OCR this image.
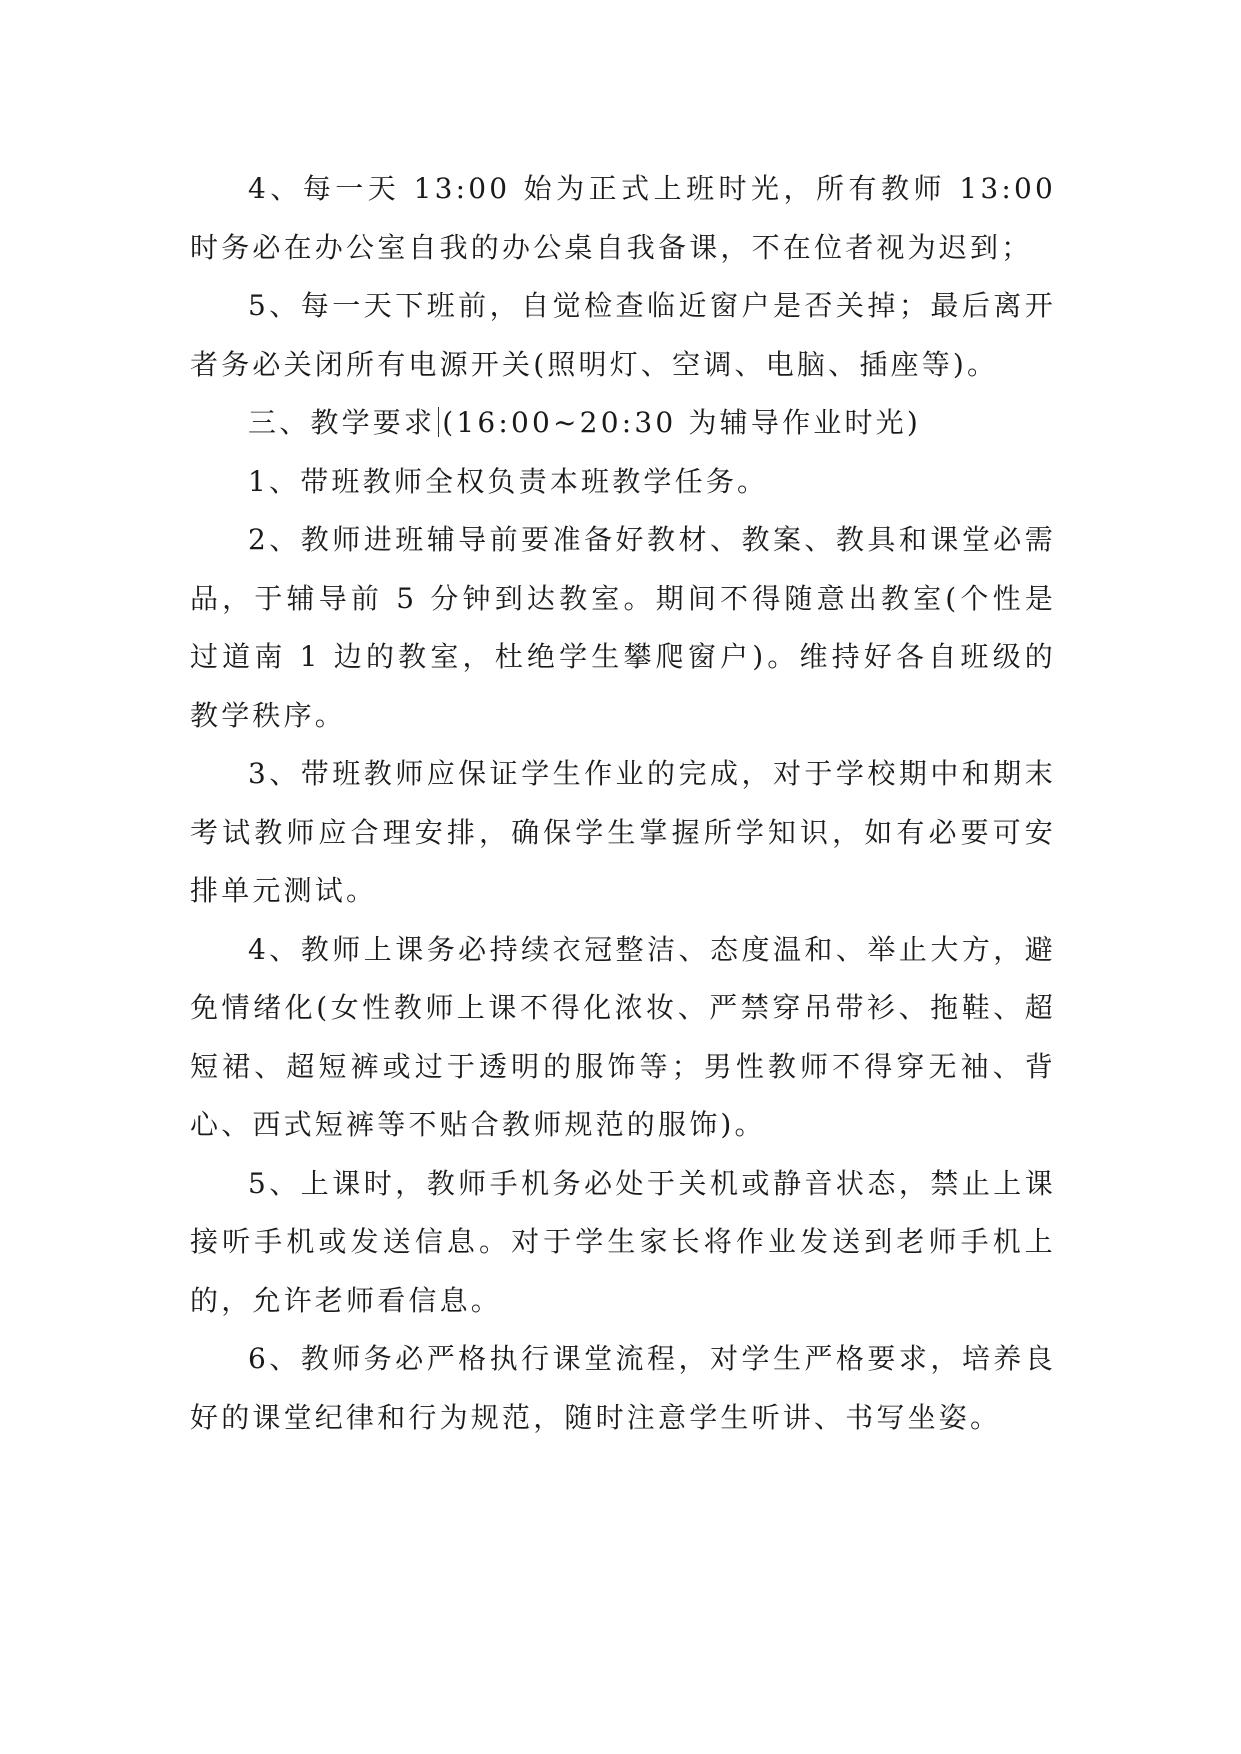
4、每一天 13:00 始为正式上班时光，所有教师 13:00 时务必在办公室自我的办公桌自我备课，不在位者视为迟到；

5、每一天下班前，自觉检查临近窗户是否关掉；最后离开者务必关闭所有电源开关(照明灯、空调、电脑、插座等)。

三、教学要求 (16:00~20:30 为辅导作业时光)

1、带班教师全权负责本班教学任务。

2、教师进班辅导前要准备好教材、教案、教具和课堂必需品，于辅导前 5 分钟到达教室。期间不得随意出教室(个性是过道南 1 边的教室，杜绝学生攀爬窗户)。维持好各自班级的教学秩序。

3、带班教师应保证学生作业的完成，对于学校期中和期末考试教师应合理安排，确保学生掌握所学知识，如有必要可安排单元测试。

4、教师上课务必持续衣冠整洁、态度温和、举止大方，避免情绪化(女性教师上课不得化浓妆、严禁穿吊带衫、拖鞋、超短裙、超短裤或过于透明的服饰等；男性教师不得穿无袖、背心、西式短裤等不贴合教师规范的服饰)。

5、上课时，教师手机务必处于关机或静音状态，禁止上课接听手机或发送信息。对于学生家长将作业发送到老师手机上的，允许老师看信息。

6、教师务必严格执行课堂流程，对学生严格要求，培养良好的课堂纪律和行为规范，随时注意学生听讲、书写坐姿。
